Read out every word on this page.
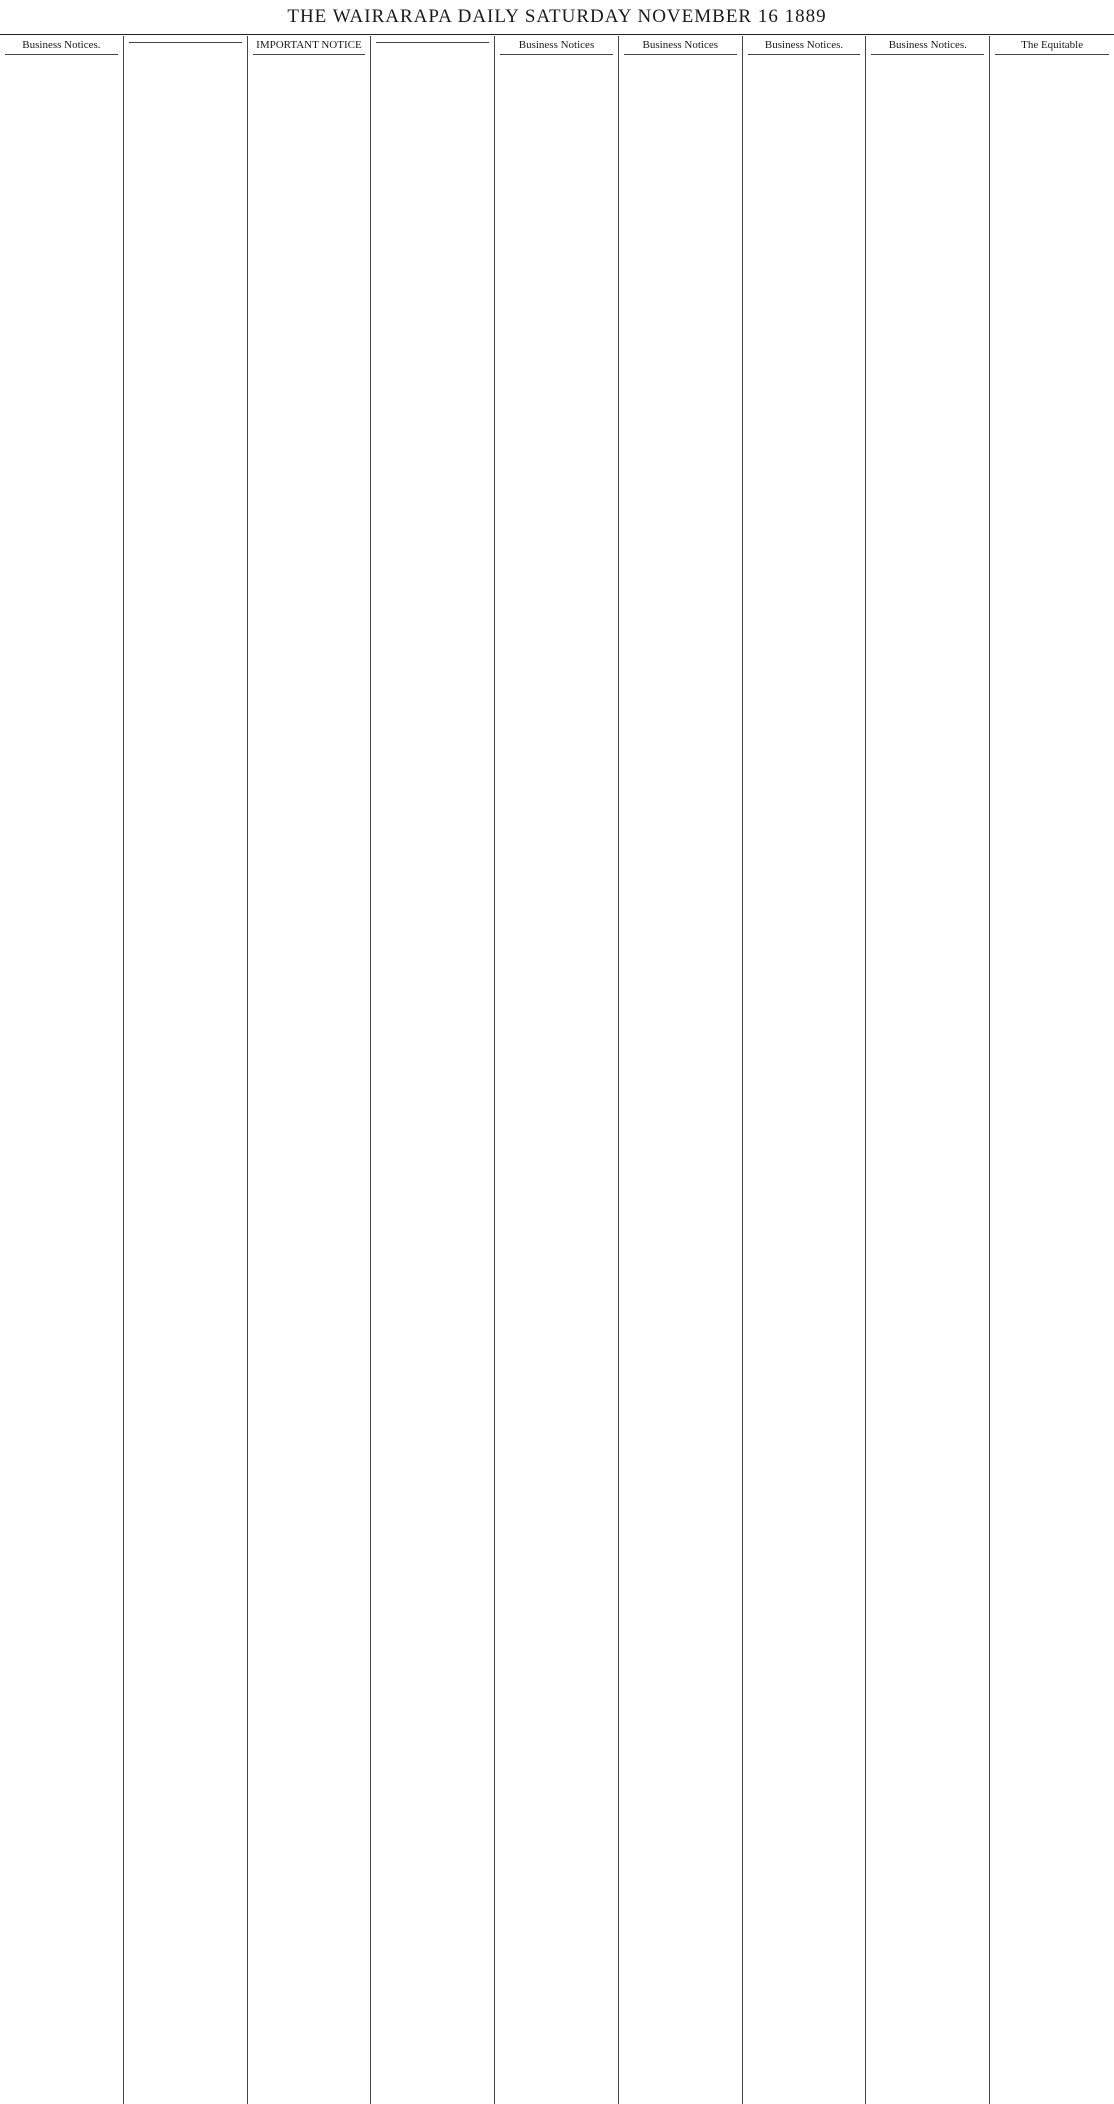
THE WAIRARAPA DAILY SATURDAY NOVEMBER 16 1889
Business Notices.	IMPORTANT NOTICE	Business Notices	Business Notices	Business Notices.	Business Notices.	The Equitable
